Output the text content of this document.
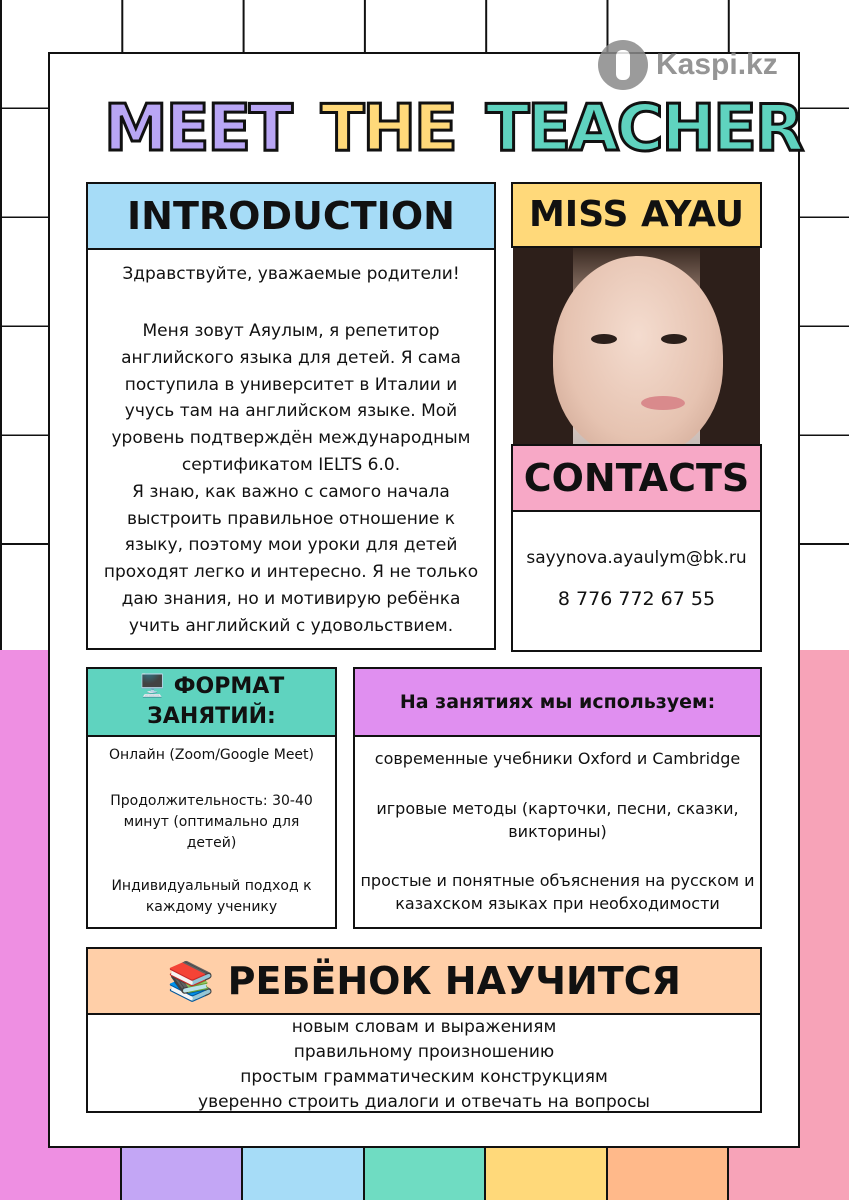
Kaspi.kz
MEET THE TEACHER
INTRODUCTION
Здравствуйте, уважаемые родители!
Меня зовут Аяулым, я репетитор
английского языка для детей. Я сама
поступила в университет в Италии и
учусь там на английском языке. Мой
уровень подтверждён международным
сертификатом IELTS 6.0.
Я знаю, как важно с самого начала
выстроить правильное отношение к
языку, поэтому мои уроки для детей
проходят легко и интересно. Я не только
даю знания, но и мотивирую ребёнка
учить английский с удовольствием.
MISS AYAU
CONTACTS
sayynova.ayaulym@bk.ru
8 776 772 67 55
🖥️ ФОРМАТ
ЗАНЯТИЙ:
Онлайн (Zoom/Google Meet)
Продолжительность: 30-40
минут (оптимально для
детей)
Индивидуальный подход к
каждому ученику
На занятиях мы используем:
современные учебники Oxford и Cambridge
игровые методы (карточки, песни, сказки,
викторины)
простые и понятные объяснения на русском и
казахском языках при необходимости
📚 РЕБЁНОК НАУЧИТСЯ
новым словам и выражениям
правильному произношению
простым грамматическим конструкциям
уверенно строить диалоги и отвечать на вопросы
